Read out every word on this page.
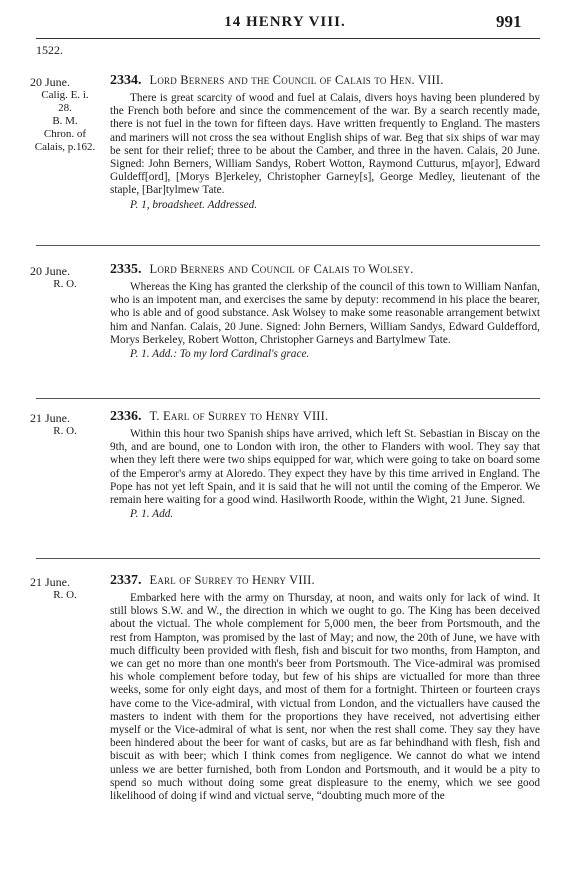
14 HENRY VIII.	991
1522.
20 June.
Calig. E. i.
28.
B. M.
Chron. of
Calais, p.162.
2334. Lord Berners and the Council of Calais to Hen. VIII.

There is great scarcity of wood and fuel at Calais, divers hoys having been plundered by the French both before and since the commencement of the war. By a search recently made, there is not fuel in the town for fifteen days. Have written frequently to England. The masters and mariners will not cross the sea without English ships of war. Beg that six ships of war may be sent for their relief; three to be about the Camber, and three in the haven. Calais, 20 June. Signed: John Berners, William Sandys, Robert Wotton, Raymond Cutturus, m[ayor], Edward Guldeff[ord], [Morys B]erkeley, Christopher Garney[s], George Medley, lieutenant of the staple, [Bar]tylmew Tate.

P. 1, broadsheet. Addressed.

20 June.
R. O.
2335. Lord Berners and Council of Calais to Wolsey.

Whereas the King has granted the clerkship of the council of this town to William Nanfan, who is an impotent man, and exercises the same by deputy: recommend in his place the bearer, who is able and of good substance. Ask Wolsey to make some reasonable arrangement betwixt him and Nanfan. Calais, 20 June. Signed: John Berners, William Sandys, Edward Guldefford, Morys Berkeley, Robert Wotton, Christopher Garneys and Bartylmew Tate.

P. 1. Add.: To my lord Cardinal's grace.

21 June.
R. O.
2336. T. Earl of Surrey to Henry VIII.

Within this hour two Spanish ships have arrived, which left St. Sebastian in Biscay on the 9th, and are bound, one to London with iron, the other to Flanders with wool. They say that when they left there were two ships equipped for war, which were going to take on board some of the Emperor's army at Aloredo. They expect they have by this time arrived in England. The Pope has not yet left Spain, and it is said that he will not until the coming of the Emperor. We remain here waiting for a good wind. Hasilworth Roode, within the Wight, 21 June. Signed.

P. 1. Add.

21 June.
R. O.
2337. Earl of Surrey to Henry VIII.

Embarked here with the army on Thursday, at noon, and waits only for lack of wind. It still blows S.W. and W., the direction in which we ought to go. The King has been deceived about the victual. The whole complement for 5,000 men, the beer from Portsmouth, and the rest from Hampton, was promised by the last of May; and now, the 20th of June, we have with much difficulty been provided with flesh, fish and biscuit for two months, from Hampton, and we can get no more than one month's beer from Portsmouth. The Vice-admiral was promised his whole complement before today, but few of his ships are victualled for more than three weeks, some for only eight days, and most of them for a fortnight. Thirteen or fourteen crays have come to the Vice-admiral, with victual from London, and the victuallers have caused the masters to indent with them for the proportions they have received, not advertising either myself or the Vice-admiral of what is sent, nor when the rest shall come. They say they have been hindered about the beer for want of casks, but are as far behindhand with flesh, fish and biscuit as with beer; which I think comes from negligence. We cannot do what we intend unless we are better furnished, both from London and Portsmouth, and it would be a pity to spend so much without doing some great displeasure to the enemy, which we see good likelihood of doing if wind and victual serve, “doubting much more of the
